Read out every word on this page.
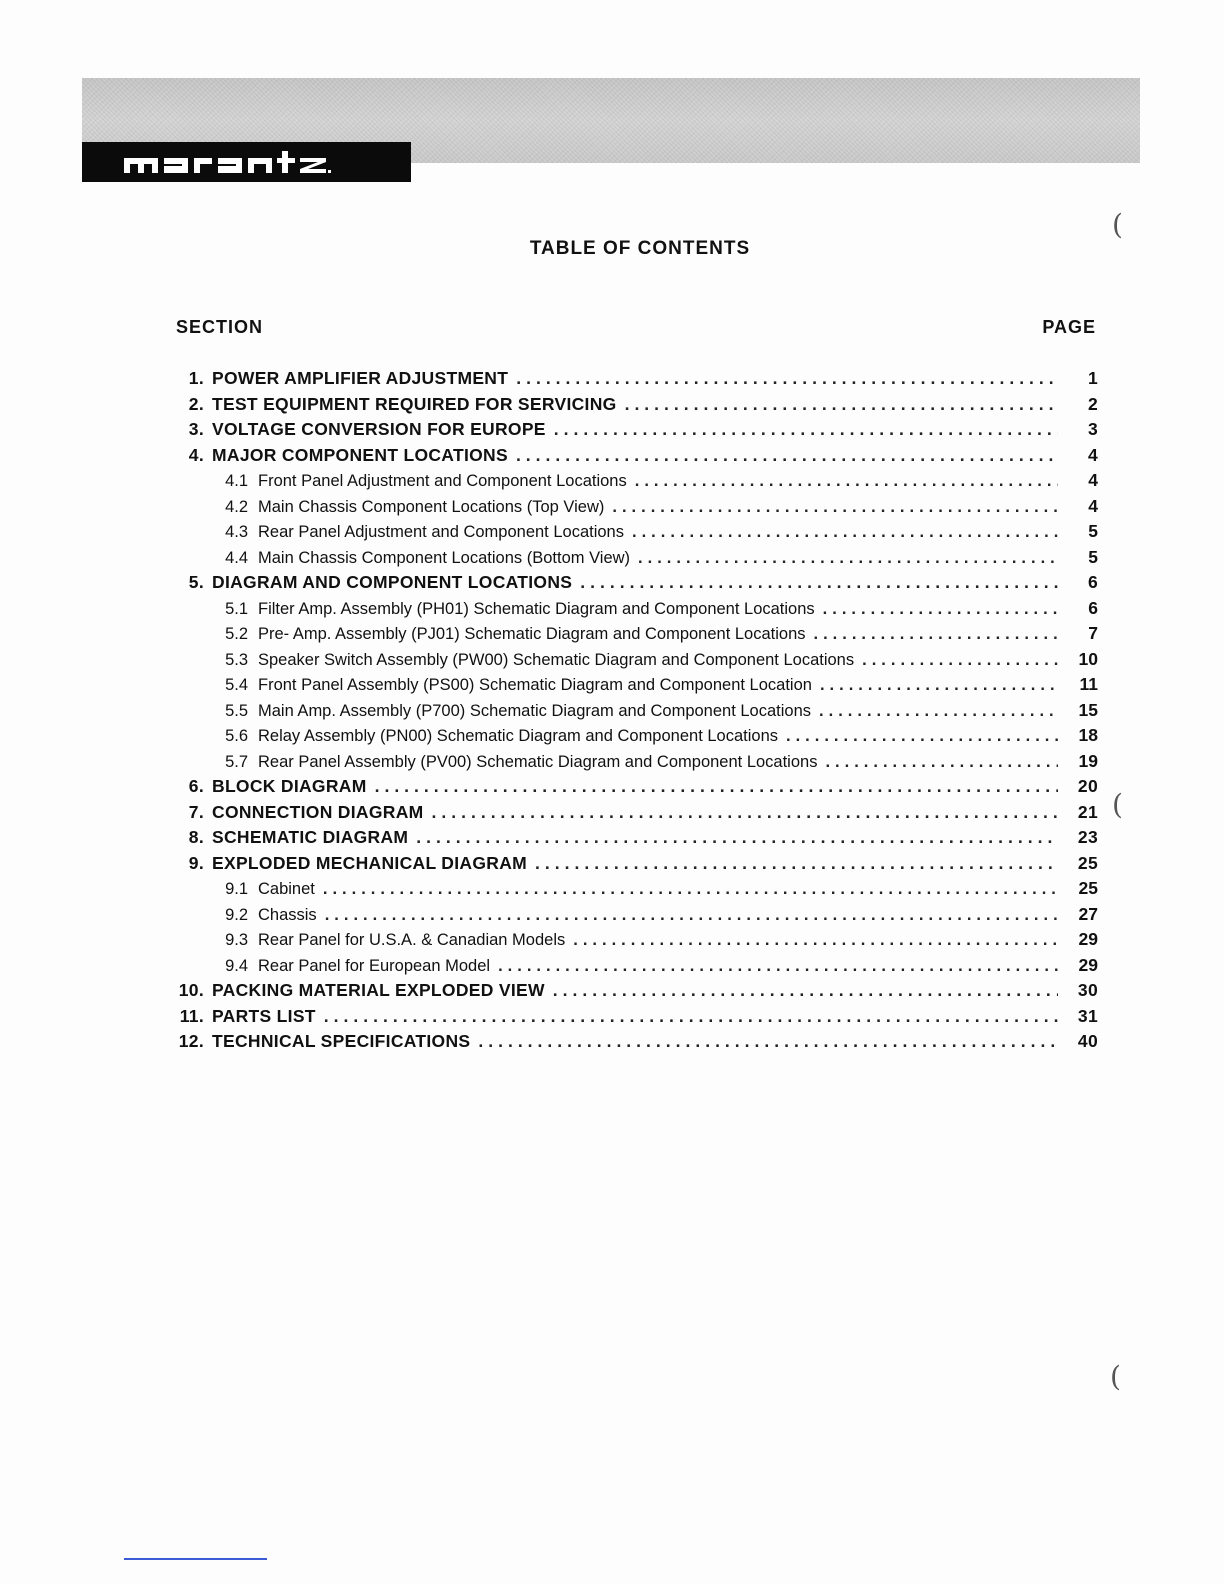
TABLE OF CONTENTS
SECTION	PAGE
1. POWER AMPLIFIER ADJUSTMENT .....	1
2. TEST EQUIPMENT REQUIRED FOR SERVICING .....	2
3. VOLTAGE CONVERSION FOR EUROPE .....	3
4. MAJOR COMPONENT LOCATIONS .....	4
4.1 Front Panel Adjustment and Component Locations .....	4
4.2 Main Chassis Component Locations (Top View) .....	4
4.3 Rear Panel Adjustment and Component Locations .....	5
4.4 Main Chassis Component Locations (Bottom View) .....	5
5. DIAGRAM AND COMPONENT LOCATIONS .....	6
5.1 Filter Amp. Assembly (PH01) Schematic Diagram and Component Locations .....	6
5.2 Pre- Amp. Assembly (PJ01) Schematic Diagram and Component Locations .....	7
5.3 Speaker Switch Assembly (PW00) Schematic Diagram and Component Locations .....	10
5.4 Front Panel Assembly (PS00) Schematic Diagram and Component Location .....	11
5.5 Main Amp. Assembly (P700) Schematic Diagram and Component Locations .....	15
5.6 Relay Assembly (PN00) Schematic Diagram and Component Locations .....	18
5.7 Rear Panel Assembly (PV00) Schematic Diagram and Component Locations .....	19
6. BLOCK DIAGRAM .....	20
7. CONNECTION DIAGRAM .....	21
8. SCHEMATIC DIAGRAM .....	23
9. EXPLODED MECHANICAL DIAGRAM .....	25
9.1 Cabinet .....	25
9.2 Chassis .....	27
9.3 Rear Panel for U.S.A. & Canadian Models .....	29
9.4 Rear Panel for European Model .....	29
10. PACKING MATERIAL EXPLODED VIEW .....	30
11. PARTS LIST .....	31
12. TECHNICAL SPECIFICATIONS .....	40
(
(
(
